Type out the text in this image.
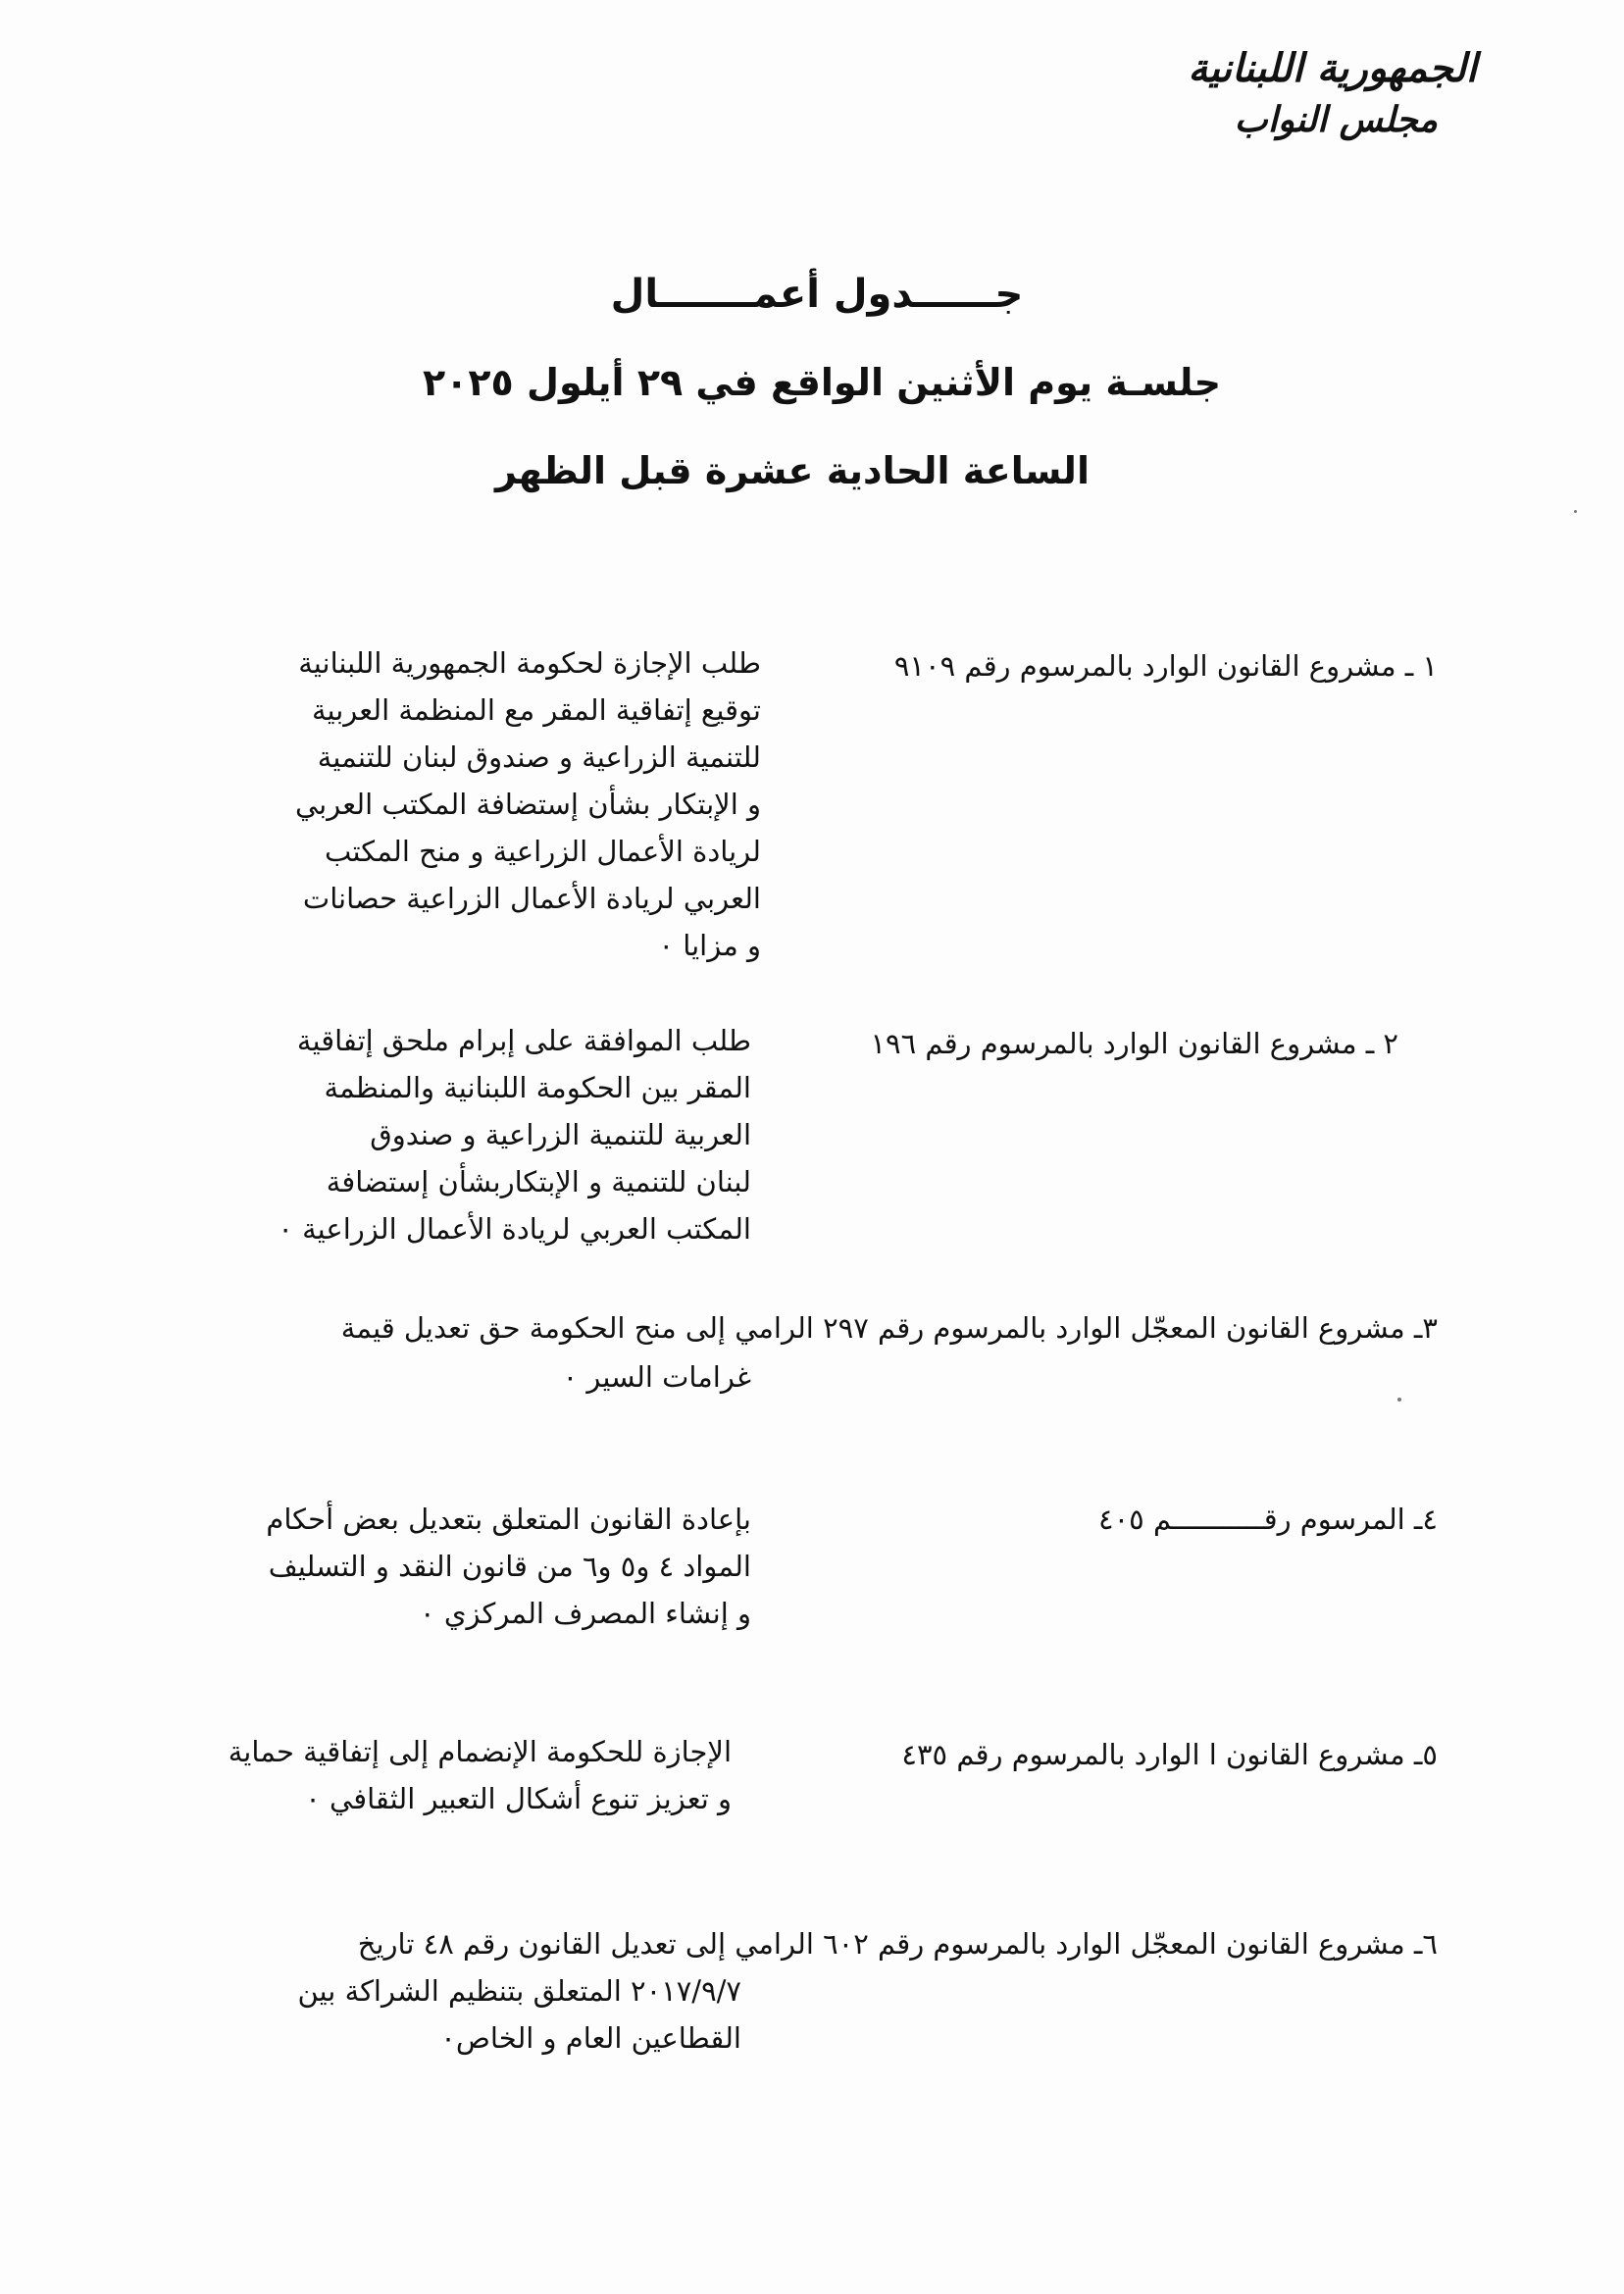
الجمهورية اللبنانية
مجلس النواب
جــــــدول أعمـــــــال
جلسـة يوم الأثنين الواقع في ٢٩ أيلول ٢٠٢٥
الساعة الحادية عشرة قبل الظهر
١ ـ مشروع القانون الوارد بالمرسوم رقم ٩١٠٩
طلب الإجازة لحكومة الجمهورية اللبنانية
توقيع إتفاقية المقر مع المنظمة العربية
للتنمية الزراعية و صندوق لبنان للتنمية
و الإبتكار بشأن إستضافة المكتب العربي
لريادة الأعمال الزراعية و منح المكتب
العربي لريادة الأعمال الزراعية حصانات
و مزايا ٠
٢ ـ مشروع القانون الوارد بالمرسوم رقم ١٩٦
طلب الموافقة على إبرام ملحق إتفاقية
المقر بين الحكومة اللبنانية والمنظمة
العربية للتنمية الزراعية و صندوق
لبنان للتنمية و الإبتكاربشأن إستضافة
المكتب العربي لريادة الأعمال الزراعية ٠
٣ـ مشروع القانون المعجّل الوارد بالمرسوم رقم ٢٩٧ الرامي إلى منح الحكومة حق تعديل قيمة
غرامات السير ٠
٤ـ المرسوم رقـــــــــــم ٤٠٥
بإعادة القانون المتعلق بتعديل بعض أحكام
المواد ٤ و٥ و٦ من قانون النقد و التسليف
و إنشاء المصرف المركزي ٠
٥ـ مشروع القانون ا الوارد بالمرسوم رقم ٤٣٥
الإجازة للحكومة الإنضمام إلى إتفاقية حماية
و تعزيز تنوع أشكال التعبير الثقافي ٠
٦ـ مشروع القانون المعجّل الوارد بالمرسوم رقم ٦٠٢ الرامي إلى تعديل القانون رقم ٤٨ تاريخ
٢٠١٧/٩/٧ المتعلق بتنظيم الشراكة بين
القطاعين العام و الخاص٠
